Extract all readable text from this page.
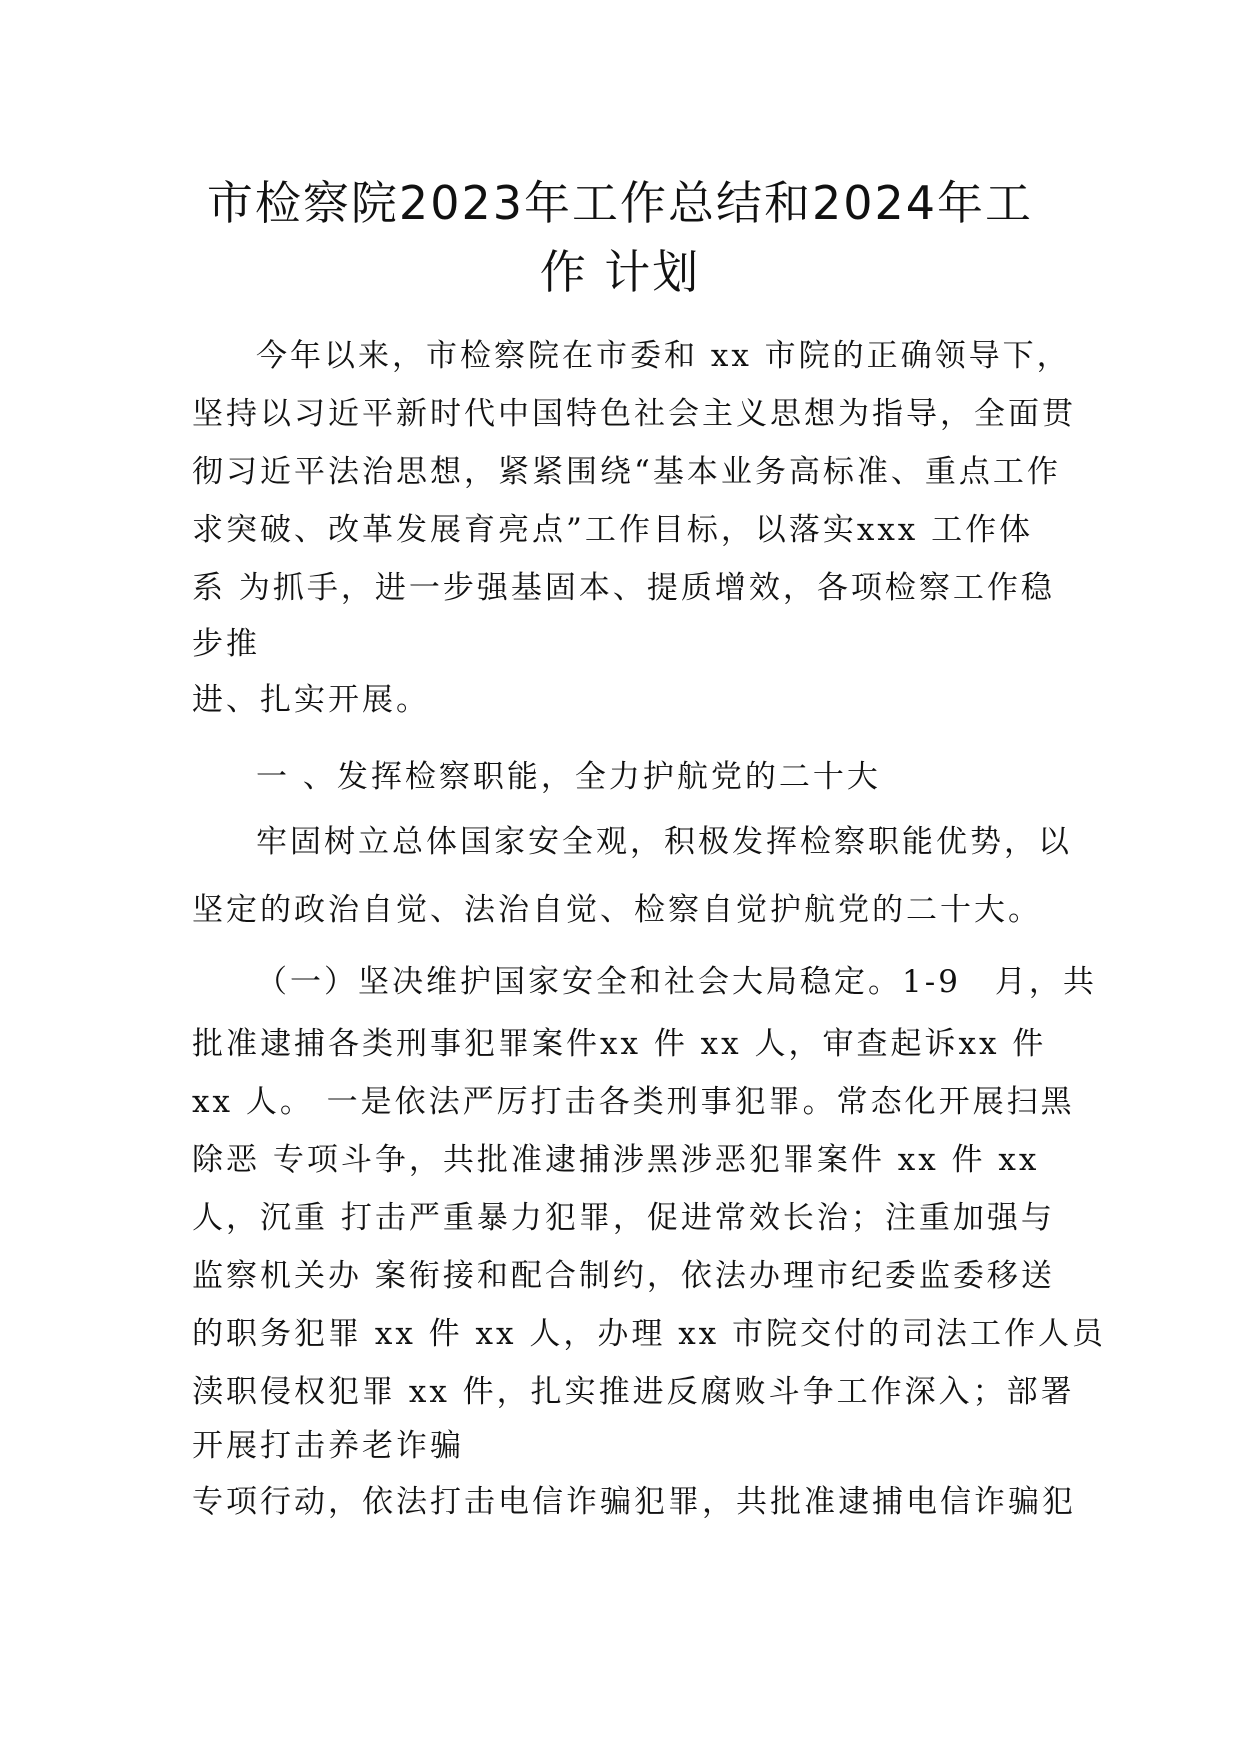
市检察院2023年工作总结和2024年工
作 计划
今年以来，市检察院在市委和 xx 市院的正确领导下，
坚持以习近平新时代中国特色社会主义思想为指导，全面贯
彻习近平法治思想，紧紧围绕“基本业务高标准、重点工作
求突破、改革发展育亮点”工作目标，以落实xxx 工作体
系 为抓手，进一步强基固本、提质增效，各项检察工作稳
步推
进、扎实开展。
一 、发挥检察职能，全力护航党的二十大
牢固树立总体国家安全观，积极发挥检察职能优势，以
坚定的政治自觉、法治自觉、检察自觉护航党的二十大。
（一）坚决维护国家安全和社会大局稳定。1-9　月，共
批准逮捕各类刑事犯罪案件xx 件 xx 人，审查起诉xx 件
xx 人。 一是依法严厉打击各类刑事犯罪。常态化开展扫黑
除恶 专项斗争，共批准逮捕涉黑涉恶犯罪案件 xx 件 xx
人，沉重 打击严重暴力犯罪，促进常效长治；注重加强与
监察机关办 案衔接和配合制约，依法办理市纪委监委移送
的职务犯罪 xx 件 xx 人，办理 xx 市院交付的司法工作人员
渎职侵权犯罪 xx 件，扎实推进反腐败斗争工作深入；部署
开展打击养老诈骗
专项行动，依法打击电信诈骗犯罪，共批准逮捕电信诈骗犯
